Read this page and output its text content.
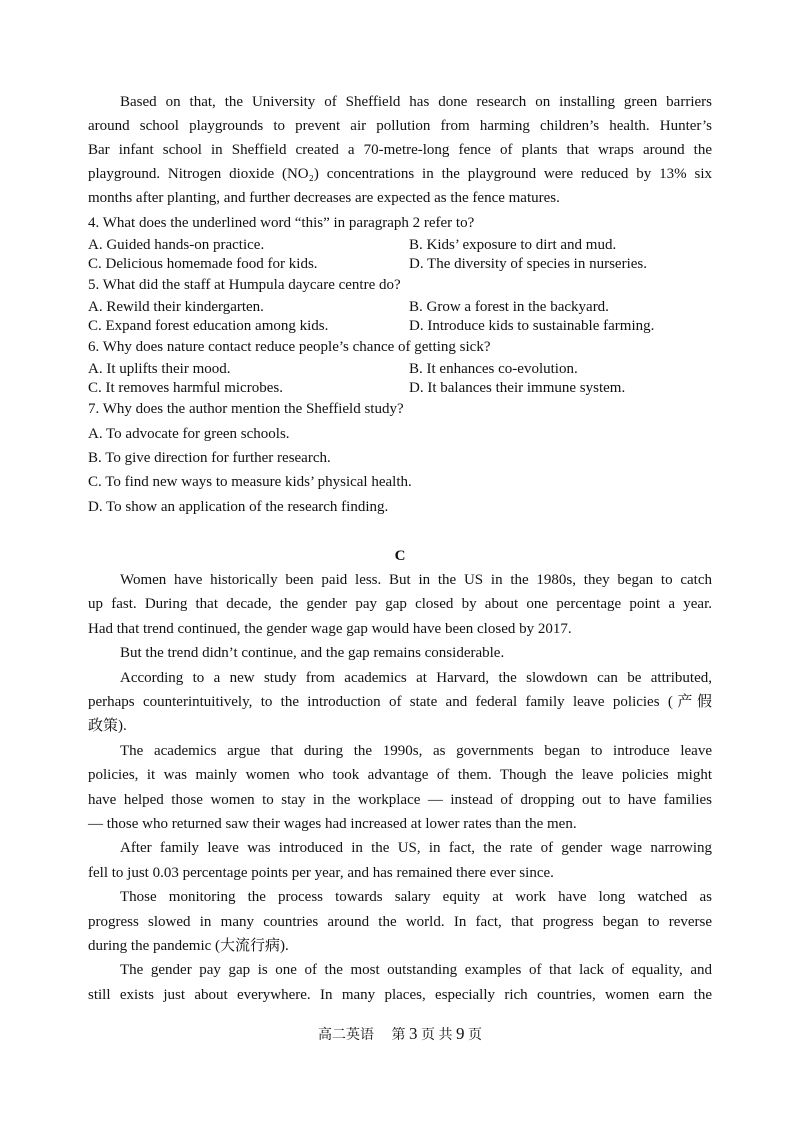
Based on that, the University of Sheffield has done research on installing green barriers
around school playgrounds to prevent air pollution from harming children’s health. Hunter’s
Bar infant school in Sheffield created a 70-metre-long fence of plants that wraps around the
playground. Nitrogen dioxide (NO₂) concentrations in the playground were reduced by 13% six
months after planting, and further decreases are expected as the fence matures.
4. What does the underlined word “this” in paragraph 2 refer to?
A. Guided hands-on practice.	B. Kids’ exposure to dirt and mud.
C. Delicious homemade food for kids.	D. The diversity of species in nurseries.
5. What did the staff at Humpula daycare centre do?
A. Rewild their kindergarten.	B. Grow a forest in the backyard.
C. Expand forest education among kids.	D. Introduce kids to sustainable farming.
6. Why does nature contact reduce people’s chance of getting sick?
A. It uplifts their mood.	B. It enhances co-evolution.
C. It removes harmful microbes.	D. It balances their immune system.
7. Why does the author mention the Sheffield study?
A. To advocate for green schools.
B. To give direction for further research.
C. To find new ways to measure kids’ physical health.
D. To show an application of the research finding.
C
Women have historically been paid less. But in the US in the 1980s, they began to catch
up fast. During that decade, the gender pay gap closed by about one percentage point a year.
Had that trend continued, the gender wage gap would have been closed by 2017.
But the trend didn’t continue, and the gap remains considerable.
According to a new study from academics at Harvard, the slowdown can be attributed,
perhaps counterintuitively, to the introduction of state and federal family leave policies (产假
政策).
The academics argue that during the 1990s, as governments began to introduce leave
policies, it was mainly women who took advantage of them. Though the leave policies might
have helped those women to stay in the workplace — instead of dropping out to have families
— those who returned saw their wages had increased at lower rates than the men.
After family leave was introduced in the US, in fact, the rate of gender wage narrowing
fell to just 0.03 percentage points per year, and has remained there ever since.
Those monitoring the process towards salary equity at work have long watched as
progress slowed in many countries around the world. In fact, that progress began to reverse
during the pandemic (大流行病).
The gender pay gap is one of the most outstanding examples of that lack of equality, and
still exists just about everywhere. In many places, especially rich countries, women earn the
高二英语 第 3 页 共 9 页
